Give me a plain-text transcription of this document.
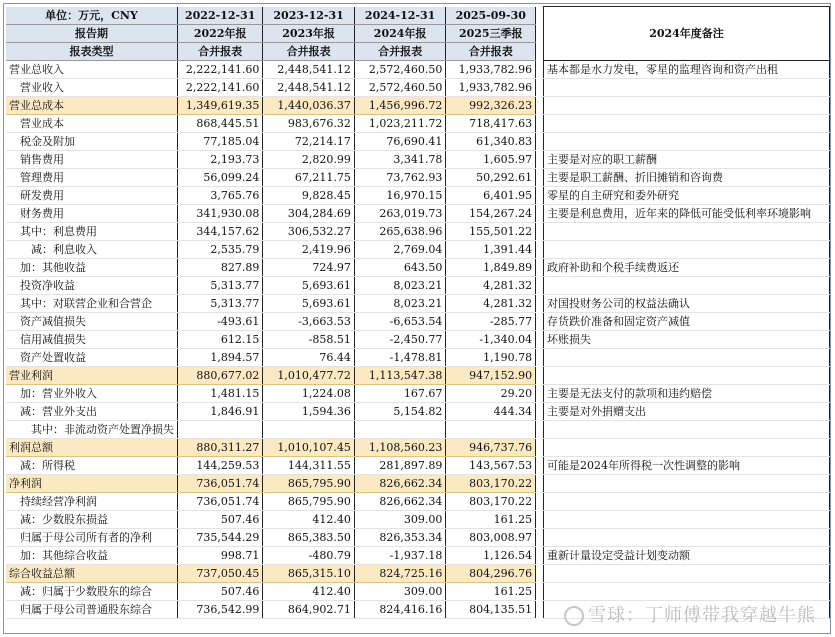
单位：万元，CNY	2022-12-31	2023-12-31	2024-12-31	2025-09-30		
报告期	2022年报	2023年报	2024年报	2025三季报		2024年度备注
报表类型	合并报表	合并报表	合并报表	合并报表		
营业总收入	2,222,141.60	2,448,541.12	2,572,460.50	1,933,782.96		基本都是水力发电，零星的监理咨询和资产出租
　营业收入	2,222,141.60	2,448,541.12	2,572,460.50	1,933,782.96		
营业总成本	1,349,619.35	1,440,036.37	1,456,996.72	992,326.23		
　营业成本	868,445.51	983,676.32	1,023,211.72	718,417.63		
　税金及附加	77,185.04	72,214.17	76,690.41	61,340.83		
　销售费用	2,193.73	2,820.99	3,341.78	1,605.97		主要是对应的职工薪酬
　管理费用	56,099.24	67,211.75	73,762.93	50,292.61		主要是职工薪酬、折旧摊销和咨询费
　研发费用	3,765.76	9,828.45	16,970.15	6,401.95		零星的自主研究和委外研究
　财务费用	341,930.08	304,284.69	263,019.73	154,267.24		主要是利息费用，近年来的降低可能受低利率环境影响
　其中：利息费用	344,157.62	306,532.27	265,638.96	155,501.22		
　　减：利息收入	2,535.79	2,419.96	2,769.04	1,391.44		
　加：其他收益	827.89	724.97	643.50	1,849.89		政府补助和个税手续费返还
　投资净收益	5,313.77	5,693.61	8,023.21	4,281.32		
　其中：对联营企业和合营企	5,313.77	5,693.61	8,023.21	4,281.32		对国投财务公司的权益法确认
　资产减值损失	-493.61	-3,663.53	-6,653.54	-285.77		存货跌价准备和固定资产减值
　信用减值损失	612.15	-858.51	-2,450.77	-1,340.04		坏账损失
　资产处置收益	1,894.57	76.44	-1,478.81	1,190.78		
营业利润	880,677.02	1,010,477.72	1,113,547.38	947,152.90		
　加：营业外收入	1,481.15	1,224.08	167.67	29.20		主要是无法支付的款项和违约赔偿
　减：营业外支出	1,846.91	1,594.36	5,154.82	444.34		主要是对外捐赠支出
　　其中：非流动资产处置净损失						
利润总额	880,311.27	1,010,107.45	1,108,560.23	946,737.76		
　减：所得税	144,259.53	144,311.55	281,897.89	143,567.53		可能是2024年所得税一次性调整的影响
净利润	736,051.74	865,795.90	826,662.34	803,170.22		
　持续经营净利润	736,051.74	865,795.90	826,662.34	803,170.22		
　减：少数股东损益	507.46	412.40	309.00	161.25		
　归属于母公司所有者的净利	735,544.29	865,383.50	826,353.34	803,008.97		
　加：其他综合收益	998.71	-480.79	-1,937.18	1,126.54		重新计量设定受益计划变动额
综合收益总额	737,050.45	865,315.10	824,725.16	804,296.76		
　减：归属于少数股东的综合	507.46	412.40	309.00	161.25		
　归属于母公司普通股东综合	736,542.99	864,902.71	824,416.16	804,135.51			雪球：丁师傅带我穿越牛熊
